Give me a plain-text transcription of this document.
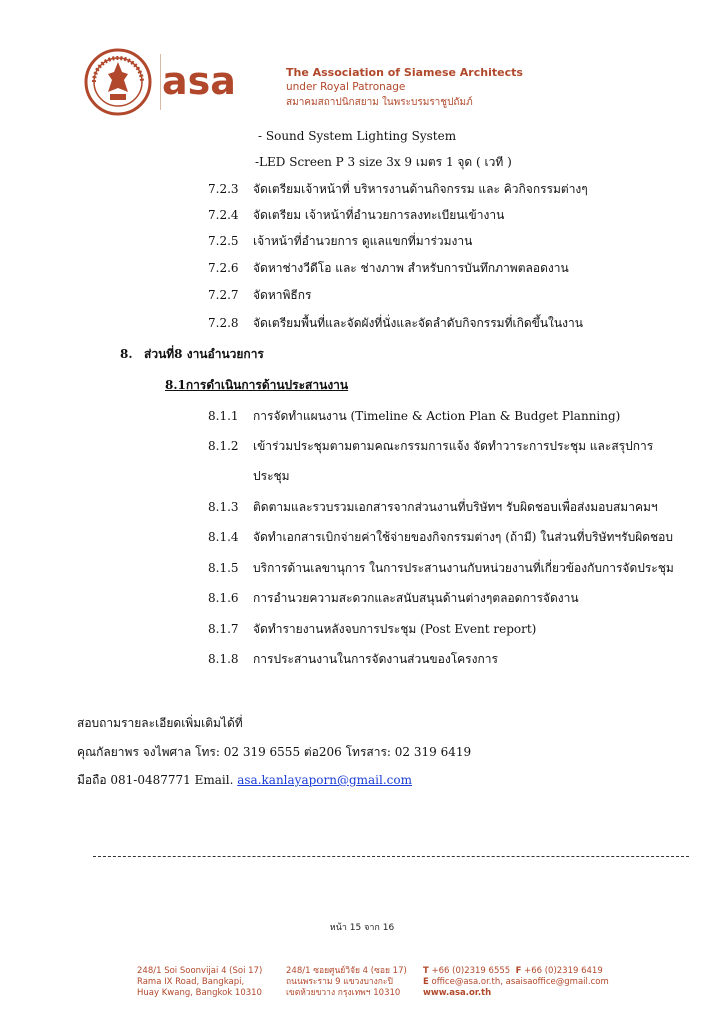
asa	The Association of Siamese Architects
under Royal Patronage
สมาคมสถาปนิกสยาม ในพระบรมราชูปถัมภ์
- Sound System Lighting System
-LED Screen P 3 size 3x 9 เมตร 1 จุด ( เวที )
7.2.3 จัดเตรียมเจ้าหน้าที่ บริหารงานด้านกิจกรรม และ คิวกิจกรรมต่างๆ
7.2.4 จัดเตรียม เจ้าหน้าที่อำนวยการลงทะเบียนเข้างาน
7.2.5 เจ้าหน้าที่อำนวยการ ดูแลแขกที่มาร่วมงาน
7.2.6 จัดหาช่างวีดีโอ และ ช่างภาพ สำหรับการบันทึกภาพตลอดงาน
7.2.7 จัดหาพิธีกร
7.2.8 จัดเตรียมพื้นที่และจัดผังที่นั่งและจัดลำดับกิจกรรมที่เกิดขึ้นในงาน
8. ส่วนที่8 งานอำนวยการ
8.1การดำเนินการด้านประสานงาน
8.1.1 การจัดทำแผนงาน (Timeline & Action Plan & Budget Planning)
8.1.2 เข้าร่วมประชุมตามตามคณะกรรมการแจ้ง จัดทำวาระการประชุม และสรุปการ
ประชุม
8.1.3 ติดตามและรวบรวมเอกสารจากส่วนงานที่บริษัทฯ รับผิดชอบเพื่อส่งมอบสมาคมฯ
8.1.4 จัดทำเอกสารเบิกจ่ายค่าใช้จ่ายของกิจกรรมต่างๆ (ถ้ามี) ในส่วนที่บริษัทฯรับผิดชอบ
8.1.5 บริการด้านเลขานุการ ในการประสานงานกับหน่วยงานที่เกี่ยวข้องกับการจัดประชุม
8.1.6 การอำนวยความสะดวกและสนับสนุนด้านต่างๆตลอดการจัดงาน
8.1.7 จัดทำรายงานหลังจบการประชุม (Post Event report)
8.1.8 การประสานงานในการจัดงานส่วนของโครงการ
สอบถามรายละเอียดเพิ่มเติมได้ที่
คุณกัลยาพร จงไพศาล โทร: 02 319 6555 ต่อ206 โทรสาร: 02 319 6419
มือถือ 081-0487771 Email. asa.kanlayaporn@gmail.com
หน้า 15 จาก 16
248/1 Soi Soonvijai 4 (Soi 17)
Rama IX Road, Bangkapi,
Huay Kwang, Bangkok 10310
248/1 ซอยศูนย์วิจัย 4 (ซอย 17)
ถนนพระราม 9 แขวงบางกะปิ
เขตห้วยขวาง กรุงเทพฯ 10310
T +66 (0)2319 6555 F +66 (0)2319 6419
E office@asa.or.th, asaisaoffice@gmail.com
www.asa.or.th
